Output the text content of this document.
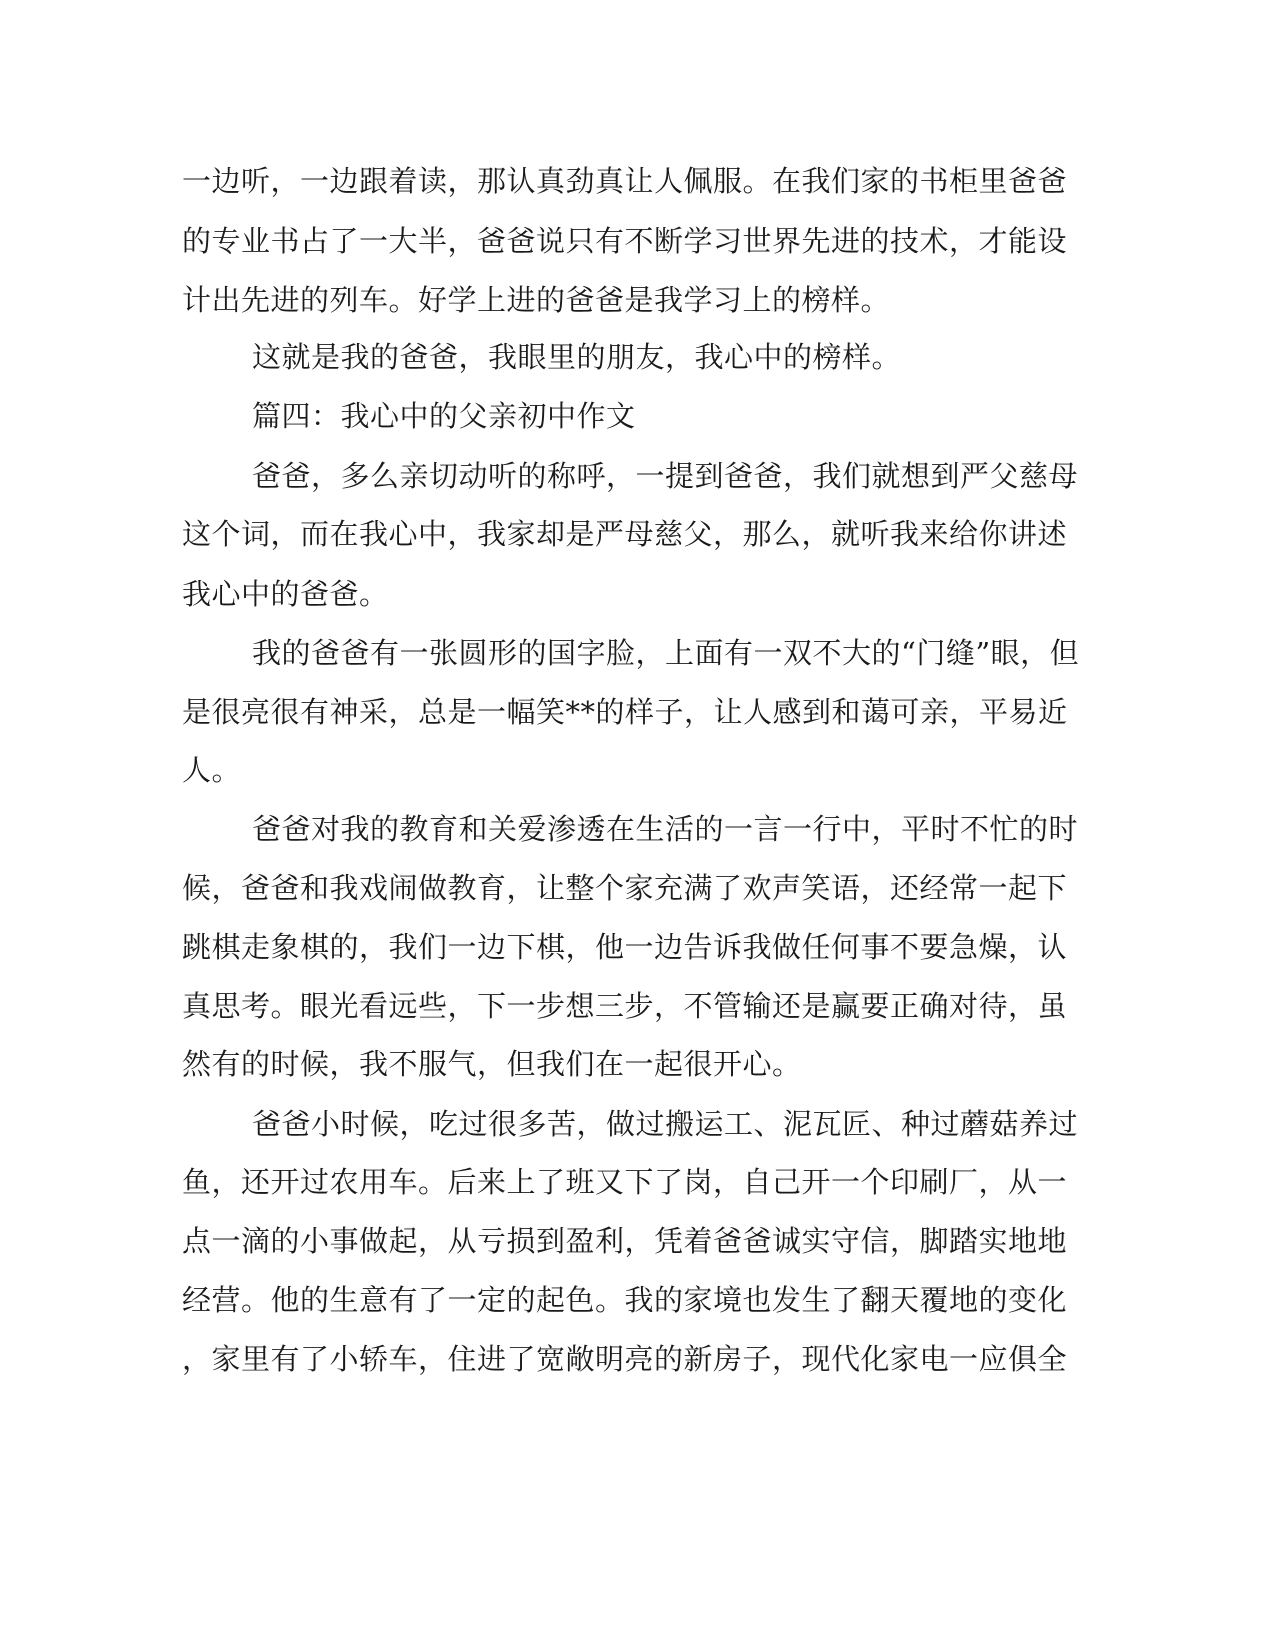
一边听，一边跟着读，那认真劲真让人佩服。在我们家的书柜里爸爸
的专业书占了一大半，爸爸说只有不断学习世界先进的技术，才能设
计出先进的列车。好学上进的爸爸是我学习上的榜样。
这就是我的爸爸，我眼里的朋友，我心中的榜样。
篇四：我心中的父亲初中作文
爸爸，多么亲切动听的称呼，一提到爸爸，我们就想到严父慈母
这个词，而在我心中，我家却是严母慈父，那么，就听我来给你讲述
我心中的爸爸。
我的爸爸有一张圆形的国字脸，上面有一双不大的“门缝”眼，但
是很亮很有神采，总是一幅笑**的样子，让人感到和蔼可亲，平易近
人。
爸爸对我的教育和关爱渗透在生活的一言一行中，平时不忙的时
候，爸爸和我戏闹做教育，让整个家充满了欢声笑语，还经常一起下
跳棋走象棋的，我们一边下棋，他一边告诉我做任何事不要急燥，认
真思考。眼光看远些，下一步想三步，不管输还是赢要正确对待，虽
然有的时候，我不服气，但我们在一起很开心。
爸爸小时候，吃过很多苦，做过搬运工、泥瓦匠、种过蘑菇养过
鱼，还开过农用车。后来上了班又下了岗，自己开一个印刷厂，从一
点一滴的小事做起，从亏损到盈利，凭着爸爸诚实守信，脚踏实地地
经营。他的生意有了一定的起色。我的家境也发生了翻天覆地的变化
，家里有了小轿车，住进了宽敞明亮的新房子，现代化家电一应俱全
